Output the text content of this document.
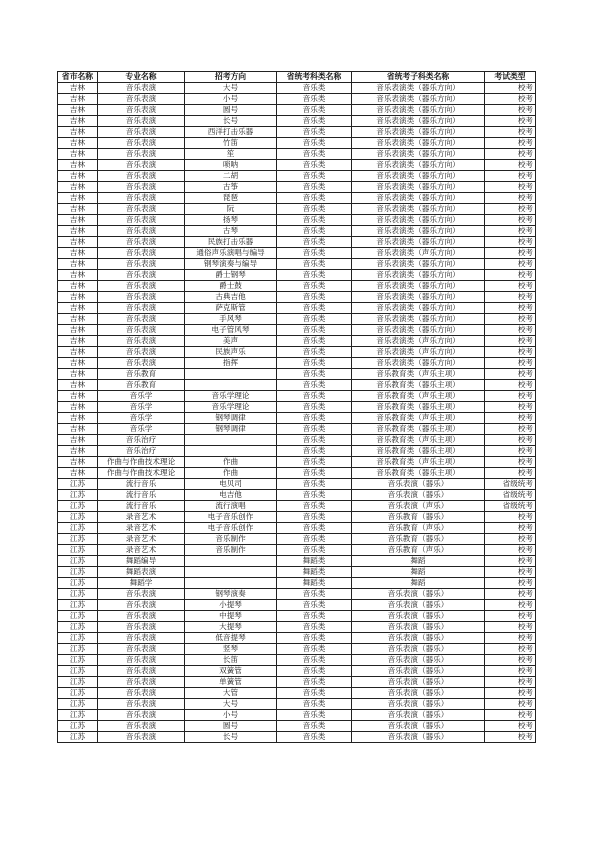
省市名称	专业名称	招考方向	省统考科类名称	省统考子科类名称	考试类型
吉林	音乐表演	大号	音乐类	音乐表演类（器乐方向）	校考
吉林	音乐表演	小号	音乐类	音乐表演类（器乐方向）	校考
吉林	音乐表演	圆号	音乐类	音乐表演类（器乐方向）	校考
吉林	音乐表演	长号	音乐类	音乐表演类（器乐方向）	校考
吉林	音乐表演	西洋打击乐器	音乐类	音乐表演类（器乐方向）	校考
吉林	音乐表演	竹笛	音乐类	音乐表演类（器乐方向）	校考
吉林	音乐表演	笙	音乐类	音乐表演类（器乐方向）	校考
吉林	音乐表演	唢呐	音乐类	音乐表演类（器乐方向）	校考
吉林	音乐表演	二胡	音乐类	音乐表演类（器乐方向）	校考
吉林	音乐表演	古筝	音乐类	音乐表演类（器乐方向）	校考
吉林	音乐表演	琵琶	音乐类	音乐表演类（器乐方向）	校考
吉林	音乐表演	阮	音乐类	音乐表演类（器乐方向）	校考
吉林	音乐表演	扬琴	音乐类	音乐表演类（器乐方向）	校考
吉林	音乐表演	古琴	音乐类	音乐表演类（器乐方向）	校考
吉林	音乐表演	民族打击乐器	音乐类	音乐表演类（器乐方向）	校考
吉林	音乐表演	通俗声乐演唱与编导	音乐类	音乐表演类（声乐方向）	校考
吉林	音乐表演	钢琴演奏与编导	音乐类	音乐表演类（器乐方向）	校考
吉林	音乐表演	爵士钢琴	音乐类	音乐表演类（器乐方向）	校考
吉林	音乐表演	爵士鼓	音乐类	音乐表演类（器乐方向）	校考
吉林	音乐表演	古典吉他	音乐类	音乐表演类（器乐方向）	校考
吉林	音乐表演	萨克斯管	音乐类	音乐表演类（器乐方向）	校考
吉林	音乐表演	手风琴	音乐类	音乐表演类（器乐方向）	校考
吉林	音乐表演	电子管风琴	音乐类	音乐表演类（器乐方向）	校考
吉林	音乐表演	美声	音乐类	音乐表演类（声乐方向）	校考
吉林	音乐表演	民族声乐	音乐类	音乐表演类（声乐方向）	校考
吉林	音乐表演	指挥	音乐类	音乐表演类（器乐方向）	校考
吉林	音乐教育		音乐类	音乐教育类（声乐主项）	校考
吉林	音乐教育		音乐类	音乐教育类（器乐主项）	校考
吉林	音乐学	音乐学理论	音乐类	音乐教育类（声乐主项）	校考
吉林	音乐学	音乐学理论	音乐类	音乐教育类（器乐主项）	校考
吉林	音乐学	钢琴调律	音乐类	音乐教育类（声乐主项）	校考
吉林	音乐学	钢琴调律	音乐类	音乐教育类（器乐主项）	校考
吉林	音乐治疗		音乐类	音乐教育类（声乐主项）	校考
吉林	音乐治疗		音乐类	音乐教育类（器乐主项）	校考
吉林	作曲与作曲技术理论	作曲	音乐类	音乐教育类（声乐主项）	校考
吉林	作曲与作曲技术理论	作曲	音乐类	音乐教育类（器乐主项）	校考
江苏	流行音乐	电贝司	音乐类	音乐表演（器乐）	省级统考
江苏	流行音乐	电吉他	音乐类	音乐表演（器乐）	省级统考
江苏	流行音乐	流行演唱	音乐类	音乐表演（声乐）	省级统考
江苏	录音艺术	电子音乐创作	音乐类	音乐教育（器乐）	校考
江苏	录音艺术	电子音乐创作	音乐类	音乐教育（声乐）	校考
江苏	录音艺术	音乐制作	音乐类	音乐教育（器乐）	校考
江苏	录音艺术	音乐制作	音乐类	音乐教育（声乐）	校考
江苏	舞蹈编导		舞蹈类	舞蹈	校考
江苏	舞蹈表演		舞蹈类	舞蹈	校考
江苏	舞蹈学		舞蹈类	舞蹈	校考
江苏	音乐表演	钢琴演奏	音乐类	音乐表演（器乐）	校考
江苏	音乐表演	小提琴	音乐类	音乐表演（器乐）	校考
江苏	音乐表演	中提琴	音乐类	音乐表演（器乐）	校考
江苏	音乐表演	大提琴	音乐类	音乐表演（器乐）	校考
江苏	音乐表演	低音提琴	音乐类	音乐表演（器乐）	校考
江苏	音乐表演	竖琴	音乐类	音乐表演（器乐）	校考
江苏	音乐表演	长笛	音乐类	音乐表演（器乐）	校考
江苏	音乐表演	双簧管	音乐类	音乐表演（器乐）	校考
江苏	音乐表演	单簧管	音乐类	音乐表演（器乐）	校考
江苏	音乐表演	大管	音乐类	音乐表演（器乐）	校考
江苏	音乐表演	大号	音乐类	音乐表演（器乐）	校考
江苏	音乐表演	小号	音乐类	音乐表演（器乐）	校考
江苏	音乐表演	圆号	音乐类	音乐表演（器乐）	校考
江苏	音乐表演	长号	音乐类	音乐表演（器乐）	校考
